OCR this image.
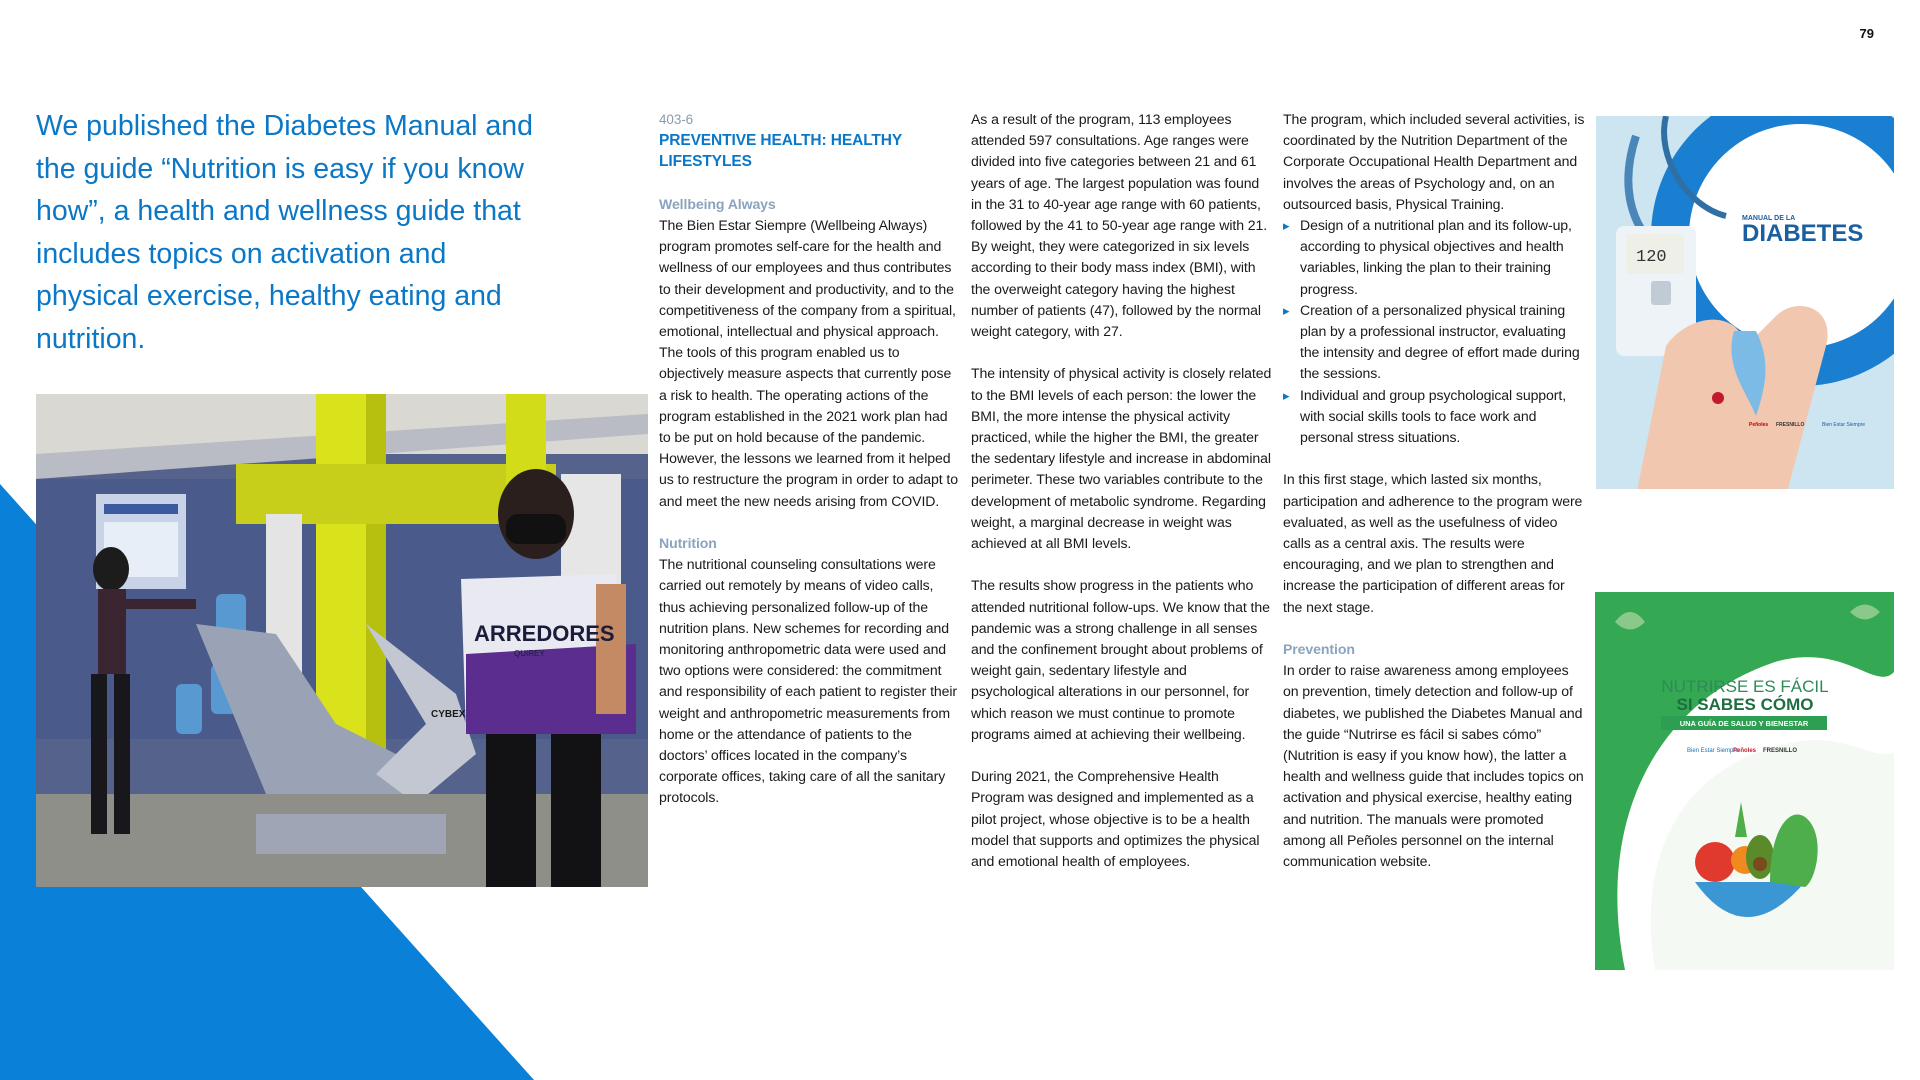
79
We published the Diabetes Manual and the guide “Nutrition is easy if you know how”, a health and wellness guide that includes topics on activation and physical exercise, healthy eating and nutrition.
ARREDORES
QUIREY
CYBEX

403-6

PREVENTIVE HEALTH: HEALTHY LIFESTYLES

Wellbeing Always

The Bien Estar Siempre (Wellbeing Always) program promotes self-care for the health and wellness of our employees and thus contributes to their development and productivity, and to the competitiveness of the company from a spiritual, emotional, intellectual and physical approach. The tools of this program enabled us to objectively measure aspects that currently pose a risk to health. The operating actions of the program established in the 2021 work plan had to be put on hold because of the pandemic. However, the lessons we learned from it helped us to restructure the program in order to adapt to and meet the new needs arising from COVID.

Nutrition

The nutritional counseling consultations were carried out remotely by means of video calls, thus achieving personalized follow-up of the nutrition plans. New schemes for recording and monitoring anthropometric data were used and two options were considered: the commitment and responsibility of each patient to register their weight and anthropometric measurements from home or the attendance of patients to the doctors’ offices located in the company’s corporate offices, taking care of all the sanitary protocols.

As a result of the program, 113 employees attended 597 consultations. Age ranges were divided into five categories between 21 and 61 years of age. The largest population was found in the 31 to 40-year age range with 60 patients, followed by the 41 to 50-year age range with 21. By weight, they were categorized in six levels according to their body mass index (BMI), with the overweight category having the highest number of patients (47), followed by the normal weight category, with 27.

The intensity of physical activity is closely related to the BMI levels of each person: the lower the BMI, the more intense the physical activity practiced, while the higher the BMI, the greater the sedentary lifestyle and increase in abdominal perimeter. These two variables contribute to the development of metabolic syndrome. Regarding weight, a marginal decrease in weight was achieved at all BMI levels.

The results show progress in the patients who attended nutritional follow-ups. We know that the pandemic was a strong challenge in all senses and the confinement brought about problems of weight gain, sedentary lifestyle and psychological alterations in our personnel, for which reason we must continue to promote programs aimed at achieving their wellbeing.

During 2021, the Comprehensive Health Program was designed and implemented as a pilot project, whose objective is to be a health model that supports and optimizes the physical and emotional health of employees.

The program, which included several activities, is coordinated by the Nutrition Department of the Corporate Occupational Health Department and involves the areas of Psychology and, on an outsourced basis, Physical Training.

▸ Design of a nutritional plan and its follow-up, according to physical objectives and health variables, linking the plan to their training progress.
▸ Creation of a personalized physical training plan by a professional instructor, evaluating the intensity and degree of effort made during the sessions.
▸ Individual and group psychological support, with social skills tools to face work and personal stress situations.

In this first stage, which lasted six months, participation and adherence to the program were evaluated, as well as the usefulness of video calls as a central axis. The results were encouraging, and we plan to strengthen and increase the participation of different areas for the next stage.

Prevention

In order to raise awareness among employees on prevention, timely detection and follow-up of diabetes, we published the Diabetes Manual and the guide “Nutrirse es fácil si sabes cómo” (Nutrition is easy if you know how), the latter a health and wellness guide that includes topics on activation and physical exercise, healthy eating and nutrition. The manuals were promoted among all Peñoles personnel on the internal communication website.

120
MANUAL DE LA
DIABETES
Peñoles FRESNILLO	Bien Estar Siempre
NUTRIRSE ES FÁCIL
SI SABES CÓMO
UNA GUÍA DE SALUD Y BIENESTAR
Bien Estar Siempre
Peñoles FRESNILLO
